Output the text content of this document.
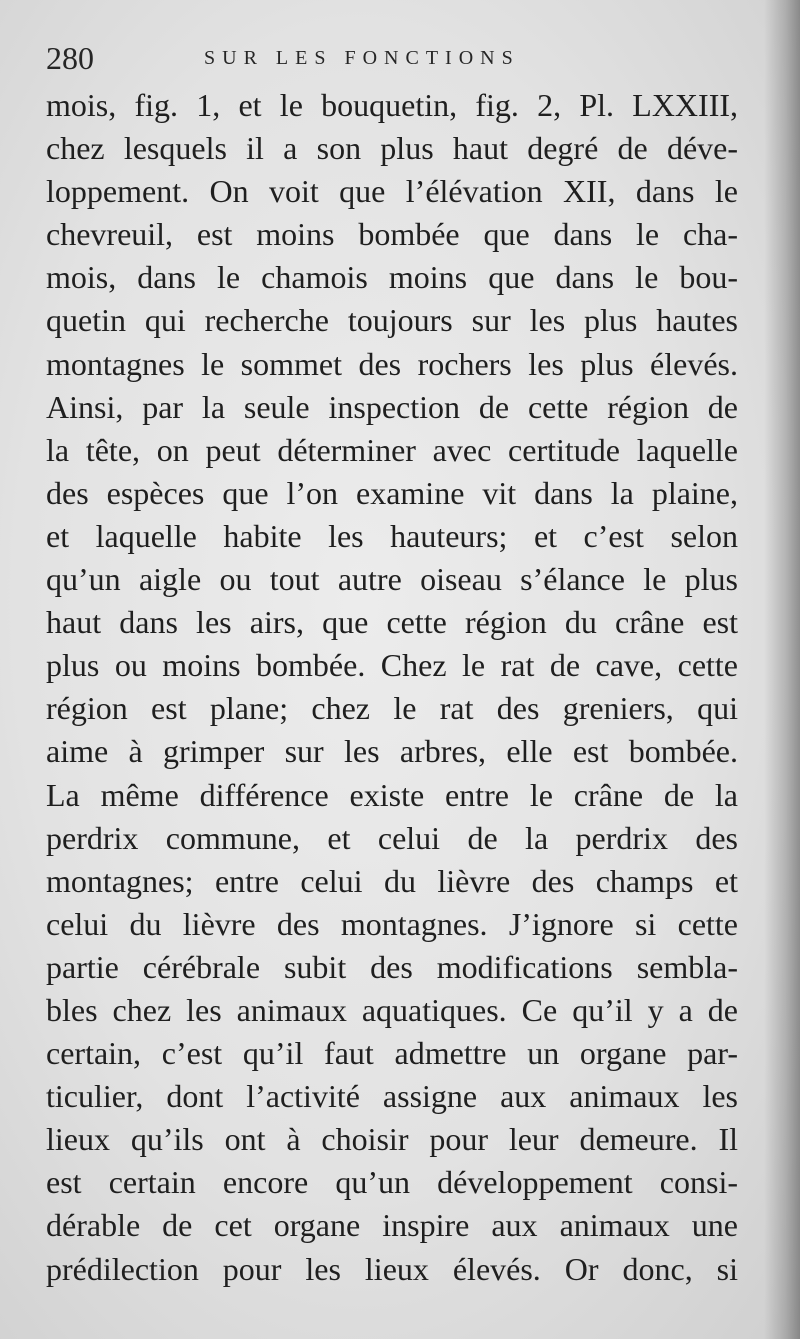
280	SUR LES FONCTIONS
mois, fig. 1, et le bouquetin, fig. 2, Pl. LXXIII,
chez lesquels il a son plus haut degré de déve-
loppement. On voit que l’élévation XII, dans le
chevreuil, est moins bombée que dans le cha-
mois, dans le chamois moins que dans le bou-
quetin qui recherche toujours sur les plus hautes
montagnes le sommet des rochers les plus élevés.
Ainsi, par la seule inspection de cette région de
la tête, on peut déterminer avec certitude laquelle
des espèces que l’on examine vit dans la plaine,
et laquelle habite les hauteurs; et c’est selon
qu’un aigle ou tout autre oiseau s’élance le plus
haut dans les airs, que cette région du crâne est
plus ou moins bombée. Chez le rat de cave, cette
région est plane; chez le rat des greniers, qui
aime à grimper sur les arbres, elle est bombée.
La même différence existe entre le crâne de la
perdrix commune, et celui de la perdrix des
montagnes; entre celui du lièvre des champs et
celui du lièvre des montagnes. J’ignore si cette
partie cérébrale subit des modifications sembla-
bles chez les animaux aquatiques. Ce qu’il y a de
certain, c’est qu’il faut admettre un organe par-
ticulier, dont l’activité assigne aux animaux les
lieux qu’ils ont à choisir pour leur demeure. Il
est certain encore qu’un développement consi-
dérable de cet organe inspire aux animaux une
prédilection pour les lieux élevés. Or donc, si
